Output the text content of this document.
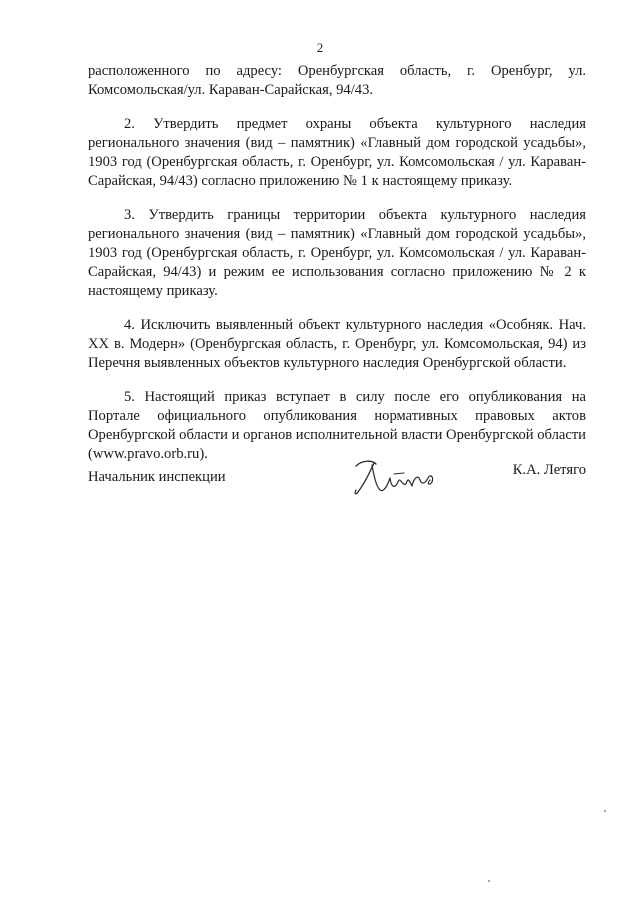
2

расположенного по адресу: Оренбургская область, г. Оренбург, ул. Комсомольская/ул. Караван-Сарайская, 94/43.

2. Утвердить предмет охраны объекта культурного наследия регионального значения (вид – памятник) «Главный дом городской усадьбы», 1903 год (Оренбургская область, г. Оренбург, ул. Комсомольская / ул. Караван-Сарайская, 94/43) согласно приложению № 1 к настоящему приказу.

3. Утвердить границы территории объекта культурного наследия регионального значения (вид – памятник) «Главный дом городской усадьбы», 1903 год (Оренбургская область, г. Оренбург, ул. Комсомольская / ул. Караван-Сарайская, 94/43) и режим ее использования согласно приложению № 2 к настоящему приказу.

4. Исключить выявленный объект культурного наследия «Особняк. Нач. XX в. Модерн» (Оренбургская область, г. Оренбург, ул. Комсомольская, 94) из Перечня выявленных объектов культурного наследия Оренбургской области.

5. Настоящий приказ вступает в силу после его опубликования на Портале официального опубликования нормативных правовых актов Оренбургской области и органов исполнительной власти Оренбургской области (www.pravo.orb.ru).

Начальник инспекции	К.А. Летяго
